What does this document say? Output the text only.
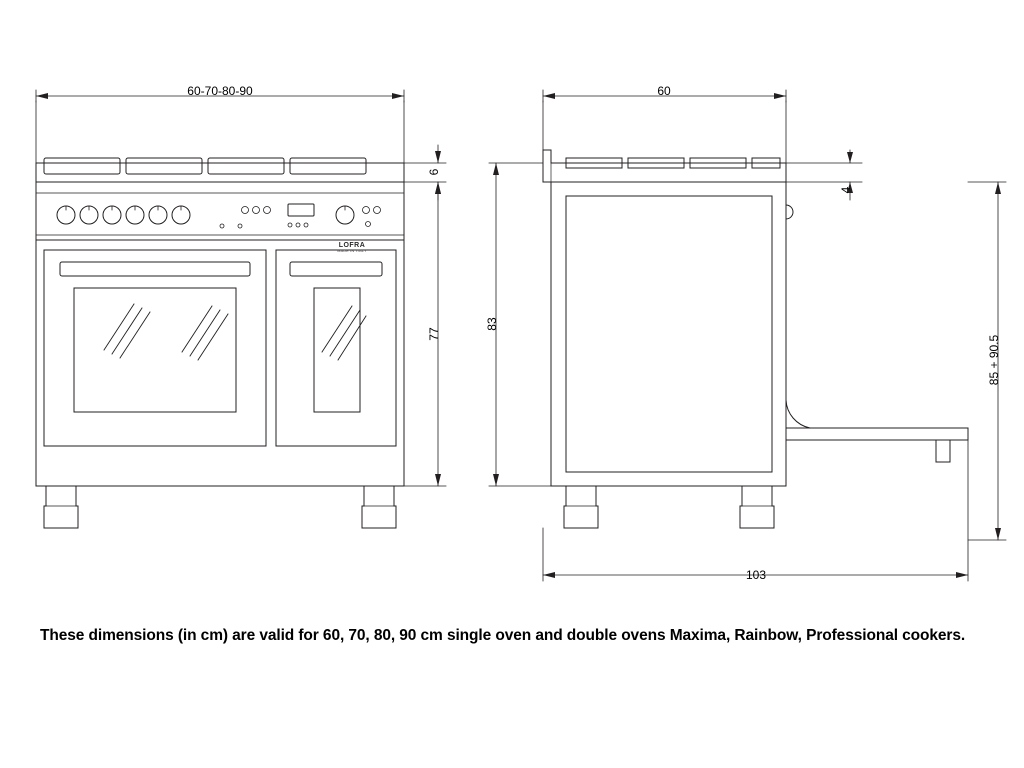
60-70-80-90
6
77
60
4
83
85 + 90.5
103
LOFRA
MADE IN ITALY
These dimensions (in cm) are valid for 60, 70, 80, 90 cm single oven and double ovens Maxima, Rainbow, Professional cookers.
